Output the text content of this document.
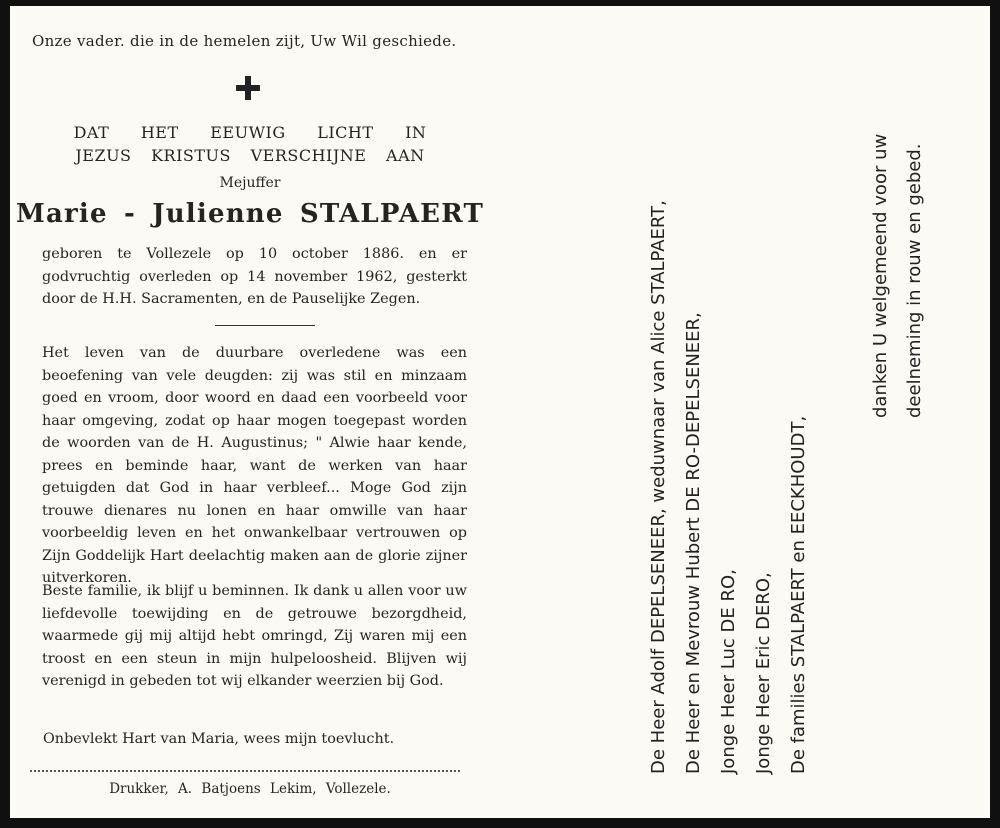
Onze vader. die in de hemelen zijt, Uw Wil geschiede.
DAT HET EEUWIG LICHT IN
JEZUS KRISTUS VERSCHIJNE AAN
Mejuffer
Marie - Julienne STALPAERT
geboren te Vollezele op 10 october 1886. en er godvruchtig overleden op 14 november 1962, gesterkt door de H.H. Sacramenten, en de Pauselijke Zegen.
Het leven van de duurbare overledene was een beoefening van vele deugden: zij was stil en minzaam goed en vroom, door woord en daad een voorbeeld voor haar omgeving, zodat op haar mogen toegepast worden de woorden van de H. Augustinus; " Alwie haar kende, prees en beminde haar, want de werken van haar getuigden dat God in haar verbleef... Moge God zijn trouwe dienares nu lonen en haar omwille van haar voorbeeldig leven en het onwankelbaar vertrouwen op Zijn Goddelijk Hart deelachtig maken aan de glorie zijner uitverkoren.
Beste familie, ik blijf u beminnen. Ik dank u allen voor uw liefdevolle toewijding en de getrouwe bezorgdheid, waarmede gij mij altijd hebt omringd, Zij waren mij een troost en een steun in mijn hulpeloosheid. Blijven wij verenigd in gebeden tot wij elkander weerzien bij God.
Onbevlekt Hart van Maria, wees mijn toevlucht.
Drukker, A. Batjoens Lekim, Vollezele.
De Heer Adolf DEPELSENEER, weduwnaar van Alice STALPAERT, De Heer en Mevrouw Hubert DE RO-DEPELSENEER, Jonge Heer Luc DE RO, Jonge Heer Eric DERO, De families STALPAERT en EECKHOUDT,
danken U welgemeend voor uw deelneming in rouw en gebed.
